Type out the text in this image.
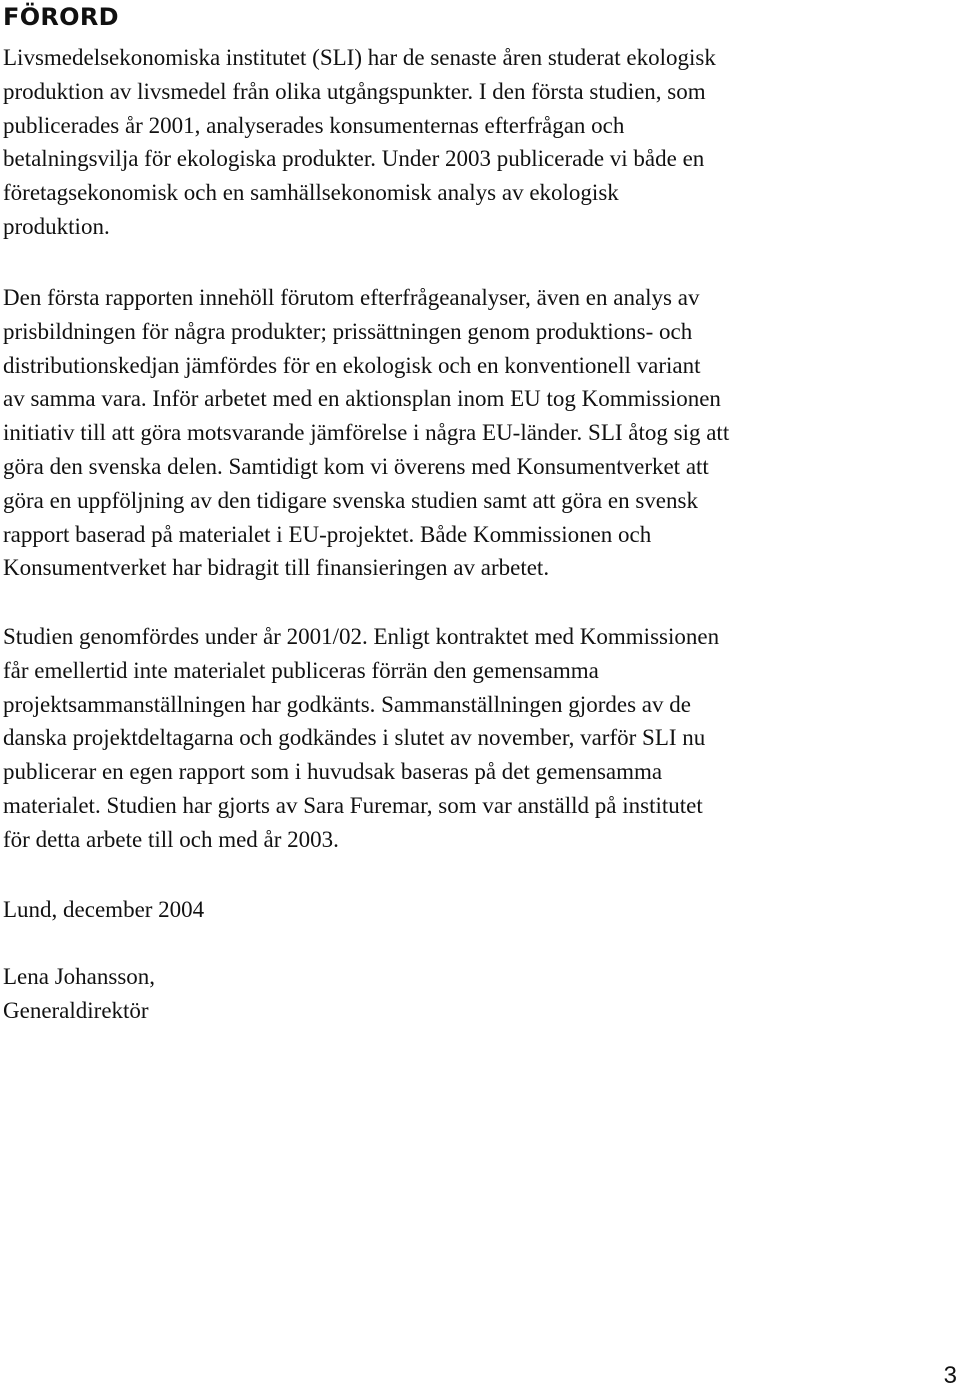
FÖRORD

Livsmedelsekonomiska institutet (SLI) har de senaste åren studerat ekologisk
produktion av livsmedel från olika utgångspunkter. I den första studien, som
publicerades år 2001, analyserades konsumenternas efterfrågan och
betalningsvilja för ekologiska produkter. Under 2003 publicerade vi både en
företagsekonomisk och en samhällsekonomisk analys av ekologisk
produktion.

Den första rapporten innehöll förutom efterfrågeanalyser, även en analys av
prisbildningen för några produkter; prissättningen genom produktions- och
distributionskedjan jämfördes för en ekologisk och en konventionell variant
av samma vara. Inför arbetet med en aktionsplan inom EU tog Kommissionen
initiativ till att göra motsvarande jämförelse i några EU-länder. SLI åtog sig att
göra den svenska delen. Samtidigt kom vi överens med Konsumentverket att
göra en uppföljning av den tidigare svenska studien samt att göra en svensk
rapport baserad på materialet i EU-projektet. Både Kommissionen och
Konsumentverket har bidragit till finansieringen av arbetet.

Studien genomfördes under år 2001/02. Enligt kontraktet med Kommissionen
får emellertid inte materialet publiceras förrän den gemensamma
projektsammanställningen har godkänts. Sammanställningen gjordes av de
danska projektdeltagarna och godkändes i slutet av november, varför SLI nu
publicerar en egen rapport som i huvudsak baseras på det gemensamma
materialet. Studien har gjorts av Sara Furemar, som var anställd på institutet
för detta arbete till och med år 2003.

Lund, december 2004

Lena Johansson,
Generaldirektör

3
